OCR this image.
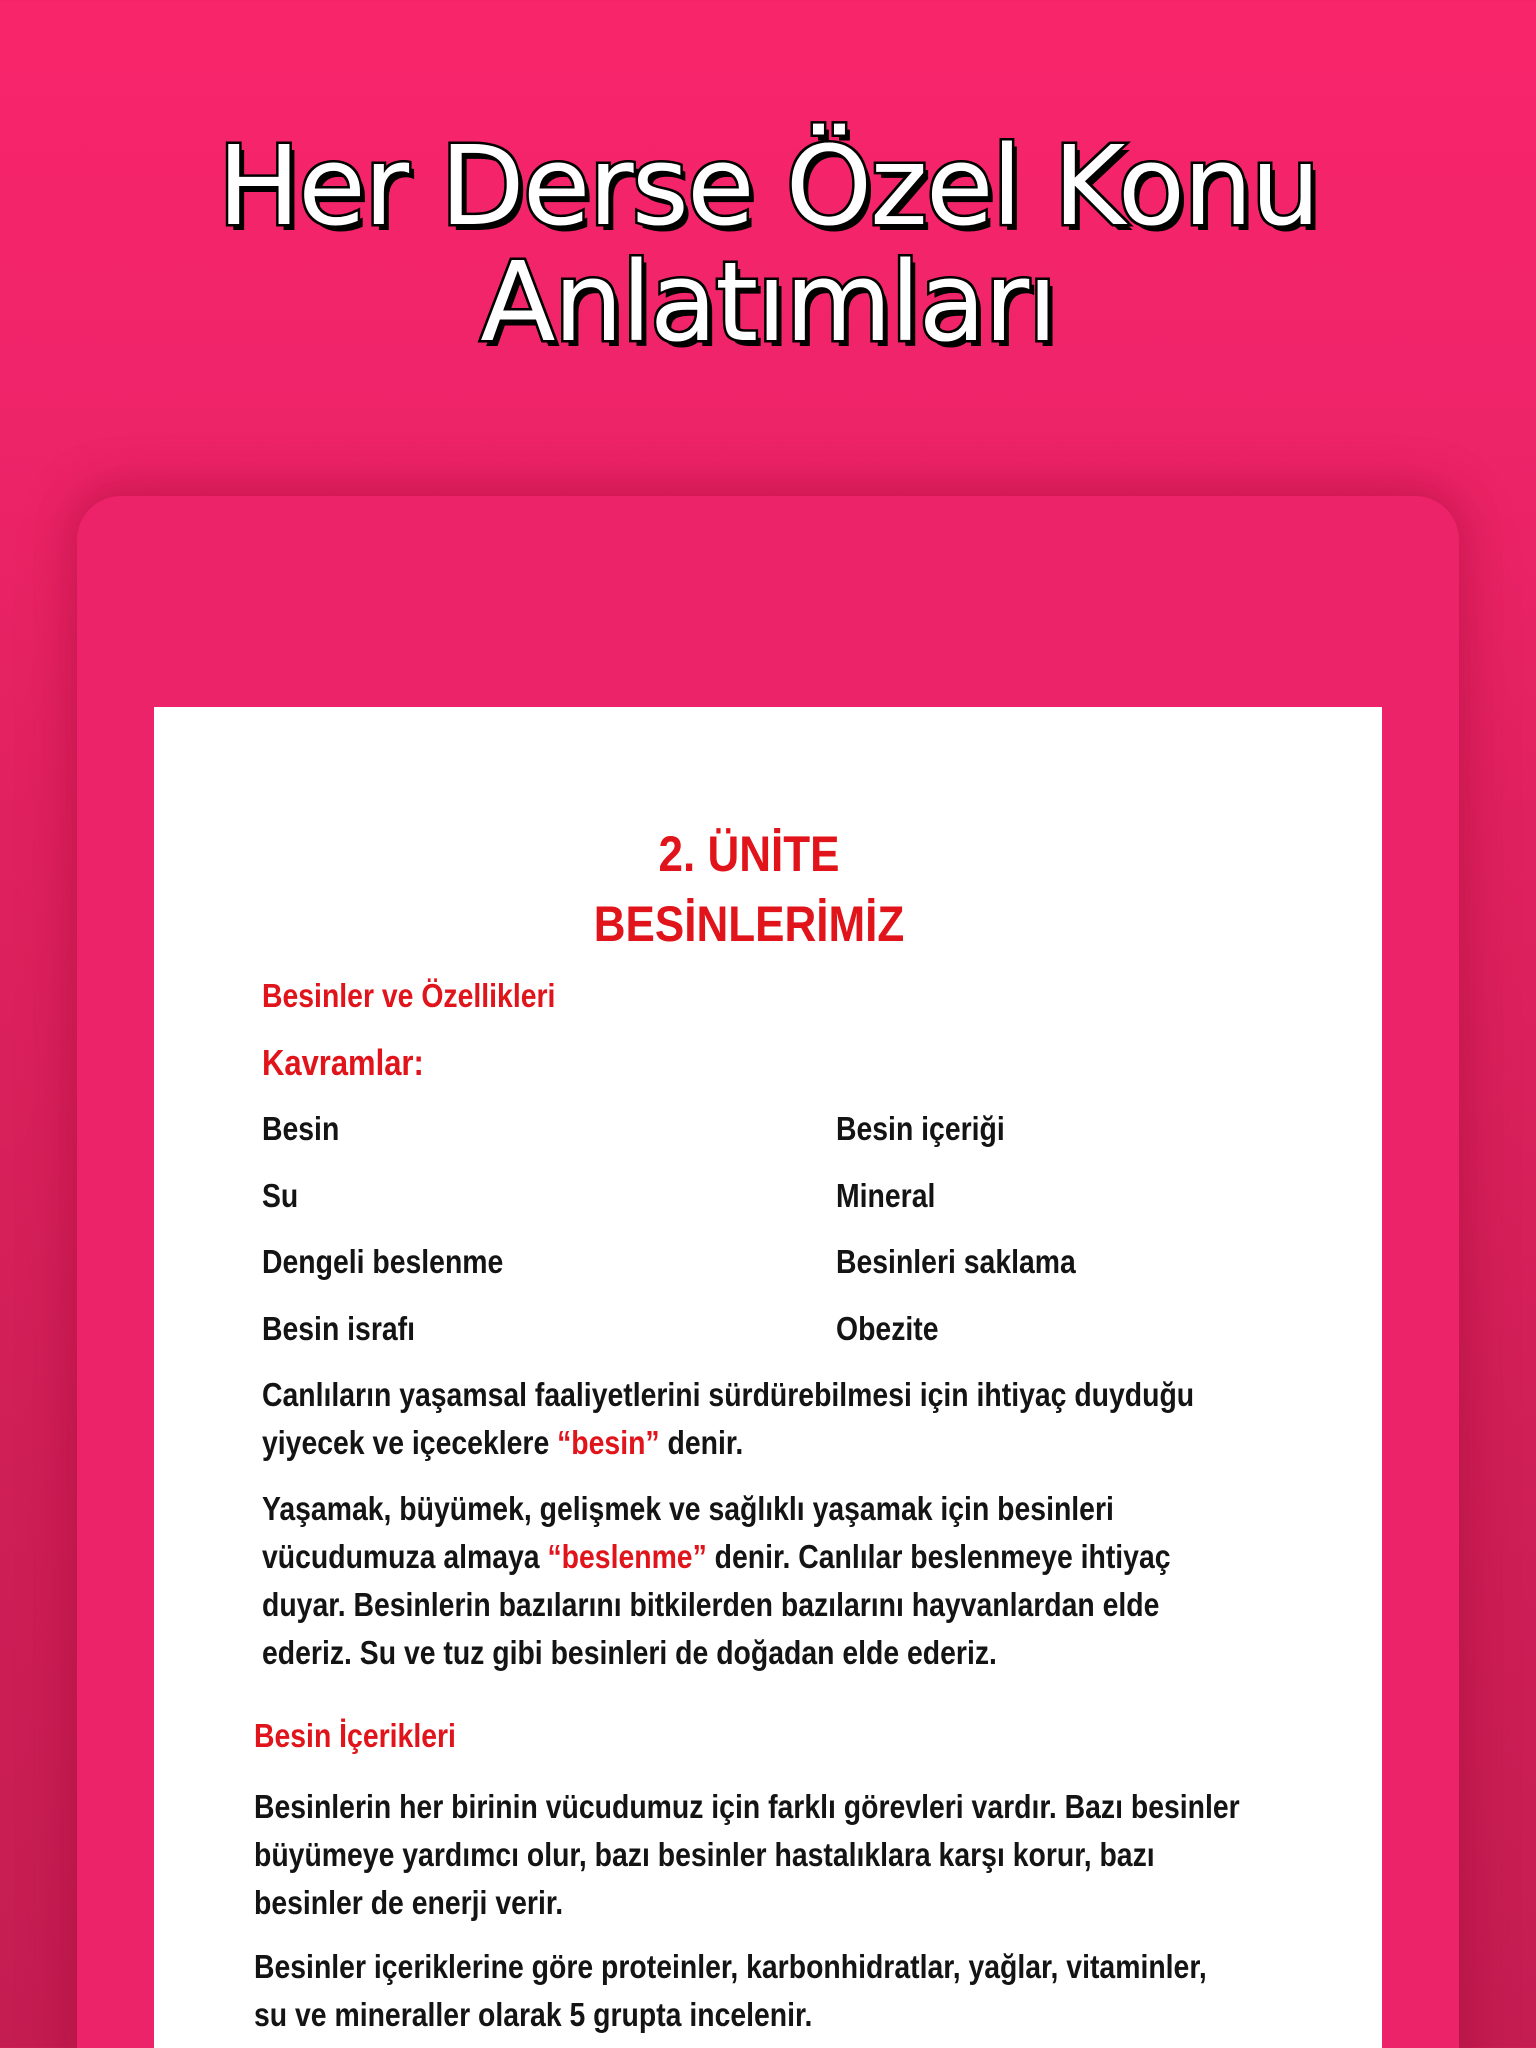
Her Derse Özel Konu
Anlatımları
2. ÜNİTE
BESİNLERİMİZ
Besinler ve Özellikleri
Kavramlar:
Besin
Su
Dengeli beslenme
Besin israfı
Besin içeriği
Mineral
Besinleri saklama
Obezite
Canlıların yaşamsal faaliyetlerini sürdürebilmesi için ihtiyaç duyduğu
yiyecek ve içeceklere “besin” denir.
Yaşamak, büyümek, gelişmek ve sağlıklı yaşamak için besinleri
vücudumuza almaya “beslenme” denir. Canlılar beslenmeye ihtiyaç
duyar. Besinlerin bazılarını bitkilerden bazılarını hayvanlardan elde
ederiz. Su ve tuz gibi besinleri de doğadan elde ederiz.
Besin İçerikleri
Besinlerin her birinin vücudumuz için farklı görevleri vardır. Bazı besinler
büyümeye yardımcı olur, bazı besinler hastalıklara karşı korur, bazı
besinler de enerji verir.
Besinler içeriklerine göre proteinler, karbonhidratlar, yağlar, vitaminler,
su ve mineraller olarak 5 grupta incelenir.
